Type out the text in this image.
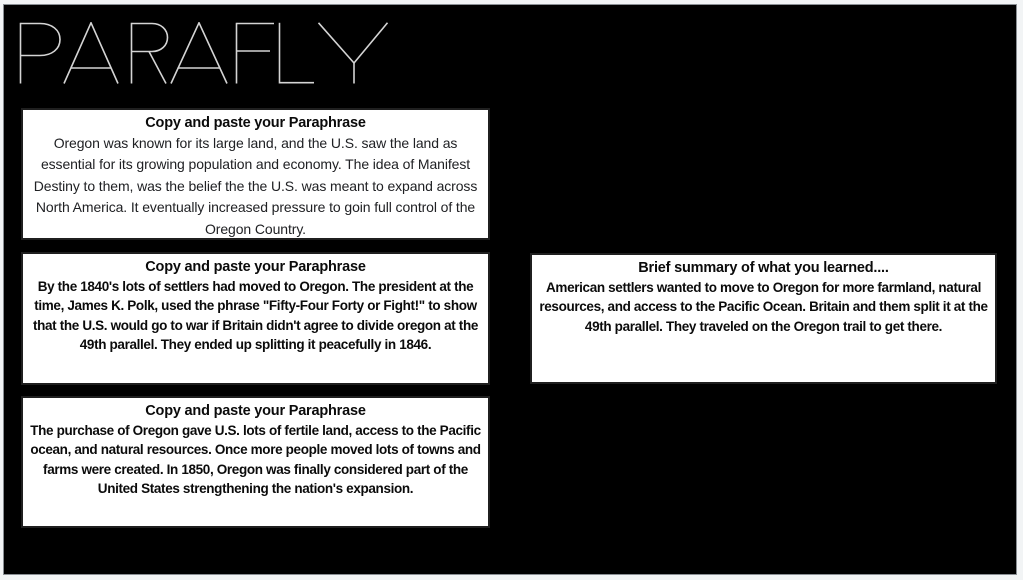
Copy and paste your Paraphrase
Oregon was known for its large land, and the U.S. saw the land as essential for its growing population and economy. The idea of Manifest Destiny to them, was the belief the the U.S. was meant to expand across North America. It eventually increased pressure to goin full control of the Oregon Country.
Copy and paste your Paraphrase
By the 1840's lots of settlers had moved to Oregon. The president at the time, James K. Polk, used the phrase "Fifty-Four Forty or Fight!" to show that the U.S. would go to war if Britain didn't agree to divide oregon at the 49th parallel. They ended up splitting it peacefully in 1846.
Copy and paste your Paraphrase
The purchase of Oregon gave U.S. lots of fertile land, access to the Pacific ocean, and natural resources. Once more people moved lots of towns and farms were created. In 1850, Oregon was finally considered part of the United States strengthening the nation's expansion.
Brief summary of what you learned....
American settlers wanted to move to Oregon for more farmland, natural resources, and access to the Pacific Ocean. Britain and them split it at the 49th parallel. They traveled on the Oregon trail to get there.
